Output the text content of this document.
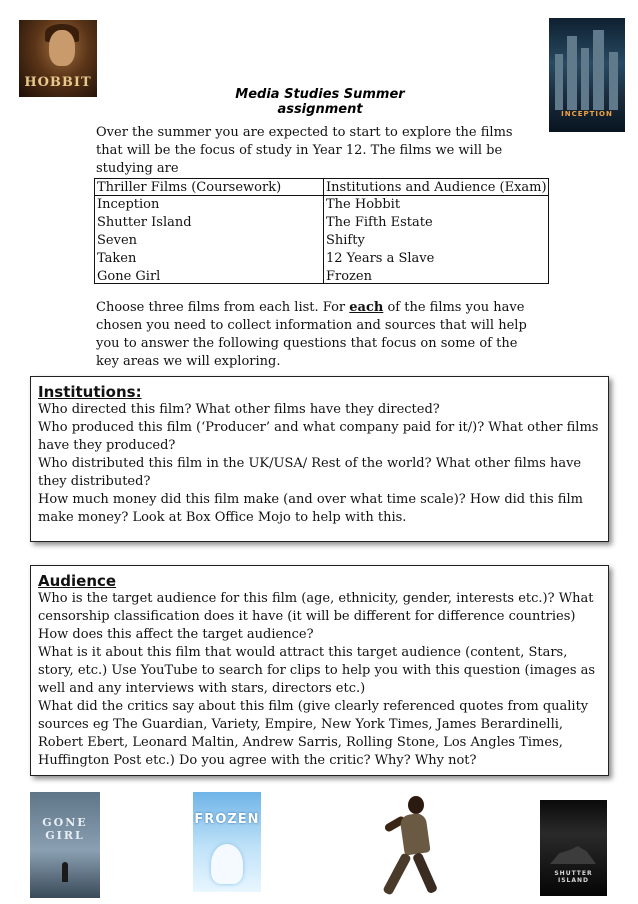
HOBBIT
INCEPTION
Media Studies Summer assignment
Over the summer you are expected to start to explore the films that will be the focus of study in Year 12. The films we will be studying are
Thriller Films (Coursework)
Inception
Shutter Island
Seven
Taken
Gone Girl
Institutions and Audience (Exam)
The Hobbit
The Fifth Estate
Shifty
12 Years a Slave
Frozen
Choose three films from each list. For each of the films you have chosen you need to collect information and sources that will help you to answer the following questions that focus on some of the key areas we will exploring.
Institutions:

Who directed this film? What other films have they directed?

Who produced this film (‘Producer’ and what company paid for it/)? What other films have they produced?

Who distributed this film in the UK/USA/ Rest of the world? What other films have they distributed?

How much money did this film make (and over what time scale)? How did this film make money? Look at Box Office Mojo to help with this.

Audience

Who is the target audience for this film (age, ethnicity, gender, interests etc.)? What censorship classification does it have (it will be different for difference countries) How does this affect the target audience?

What is it about this film that would attract this target audience (content, Stars, story, etc.) Use YouTube to search for clips to help you with this question (images as well and any interviews with stars, directors etc.)

What did the critics say about this film (give clearly referenced quotes from quality sources eg The Guardian, Variety, Empire, New York Times, James Berardinelli, Robert Ebert, Leonard Maltin, Andrew Sarris, Rolling Stone, Los Angles Times, Huffington Post etc.) Do you agree with the critic? Why? Why not?

GONE GIRL
FROZEN
SHUTTER ISLAND
